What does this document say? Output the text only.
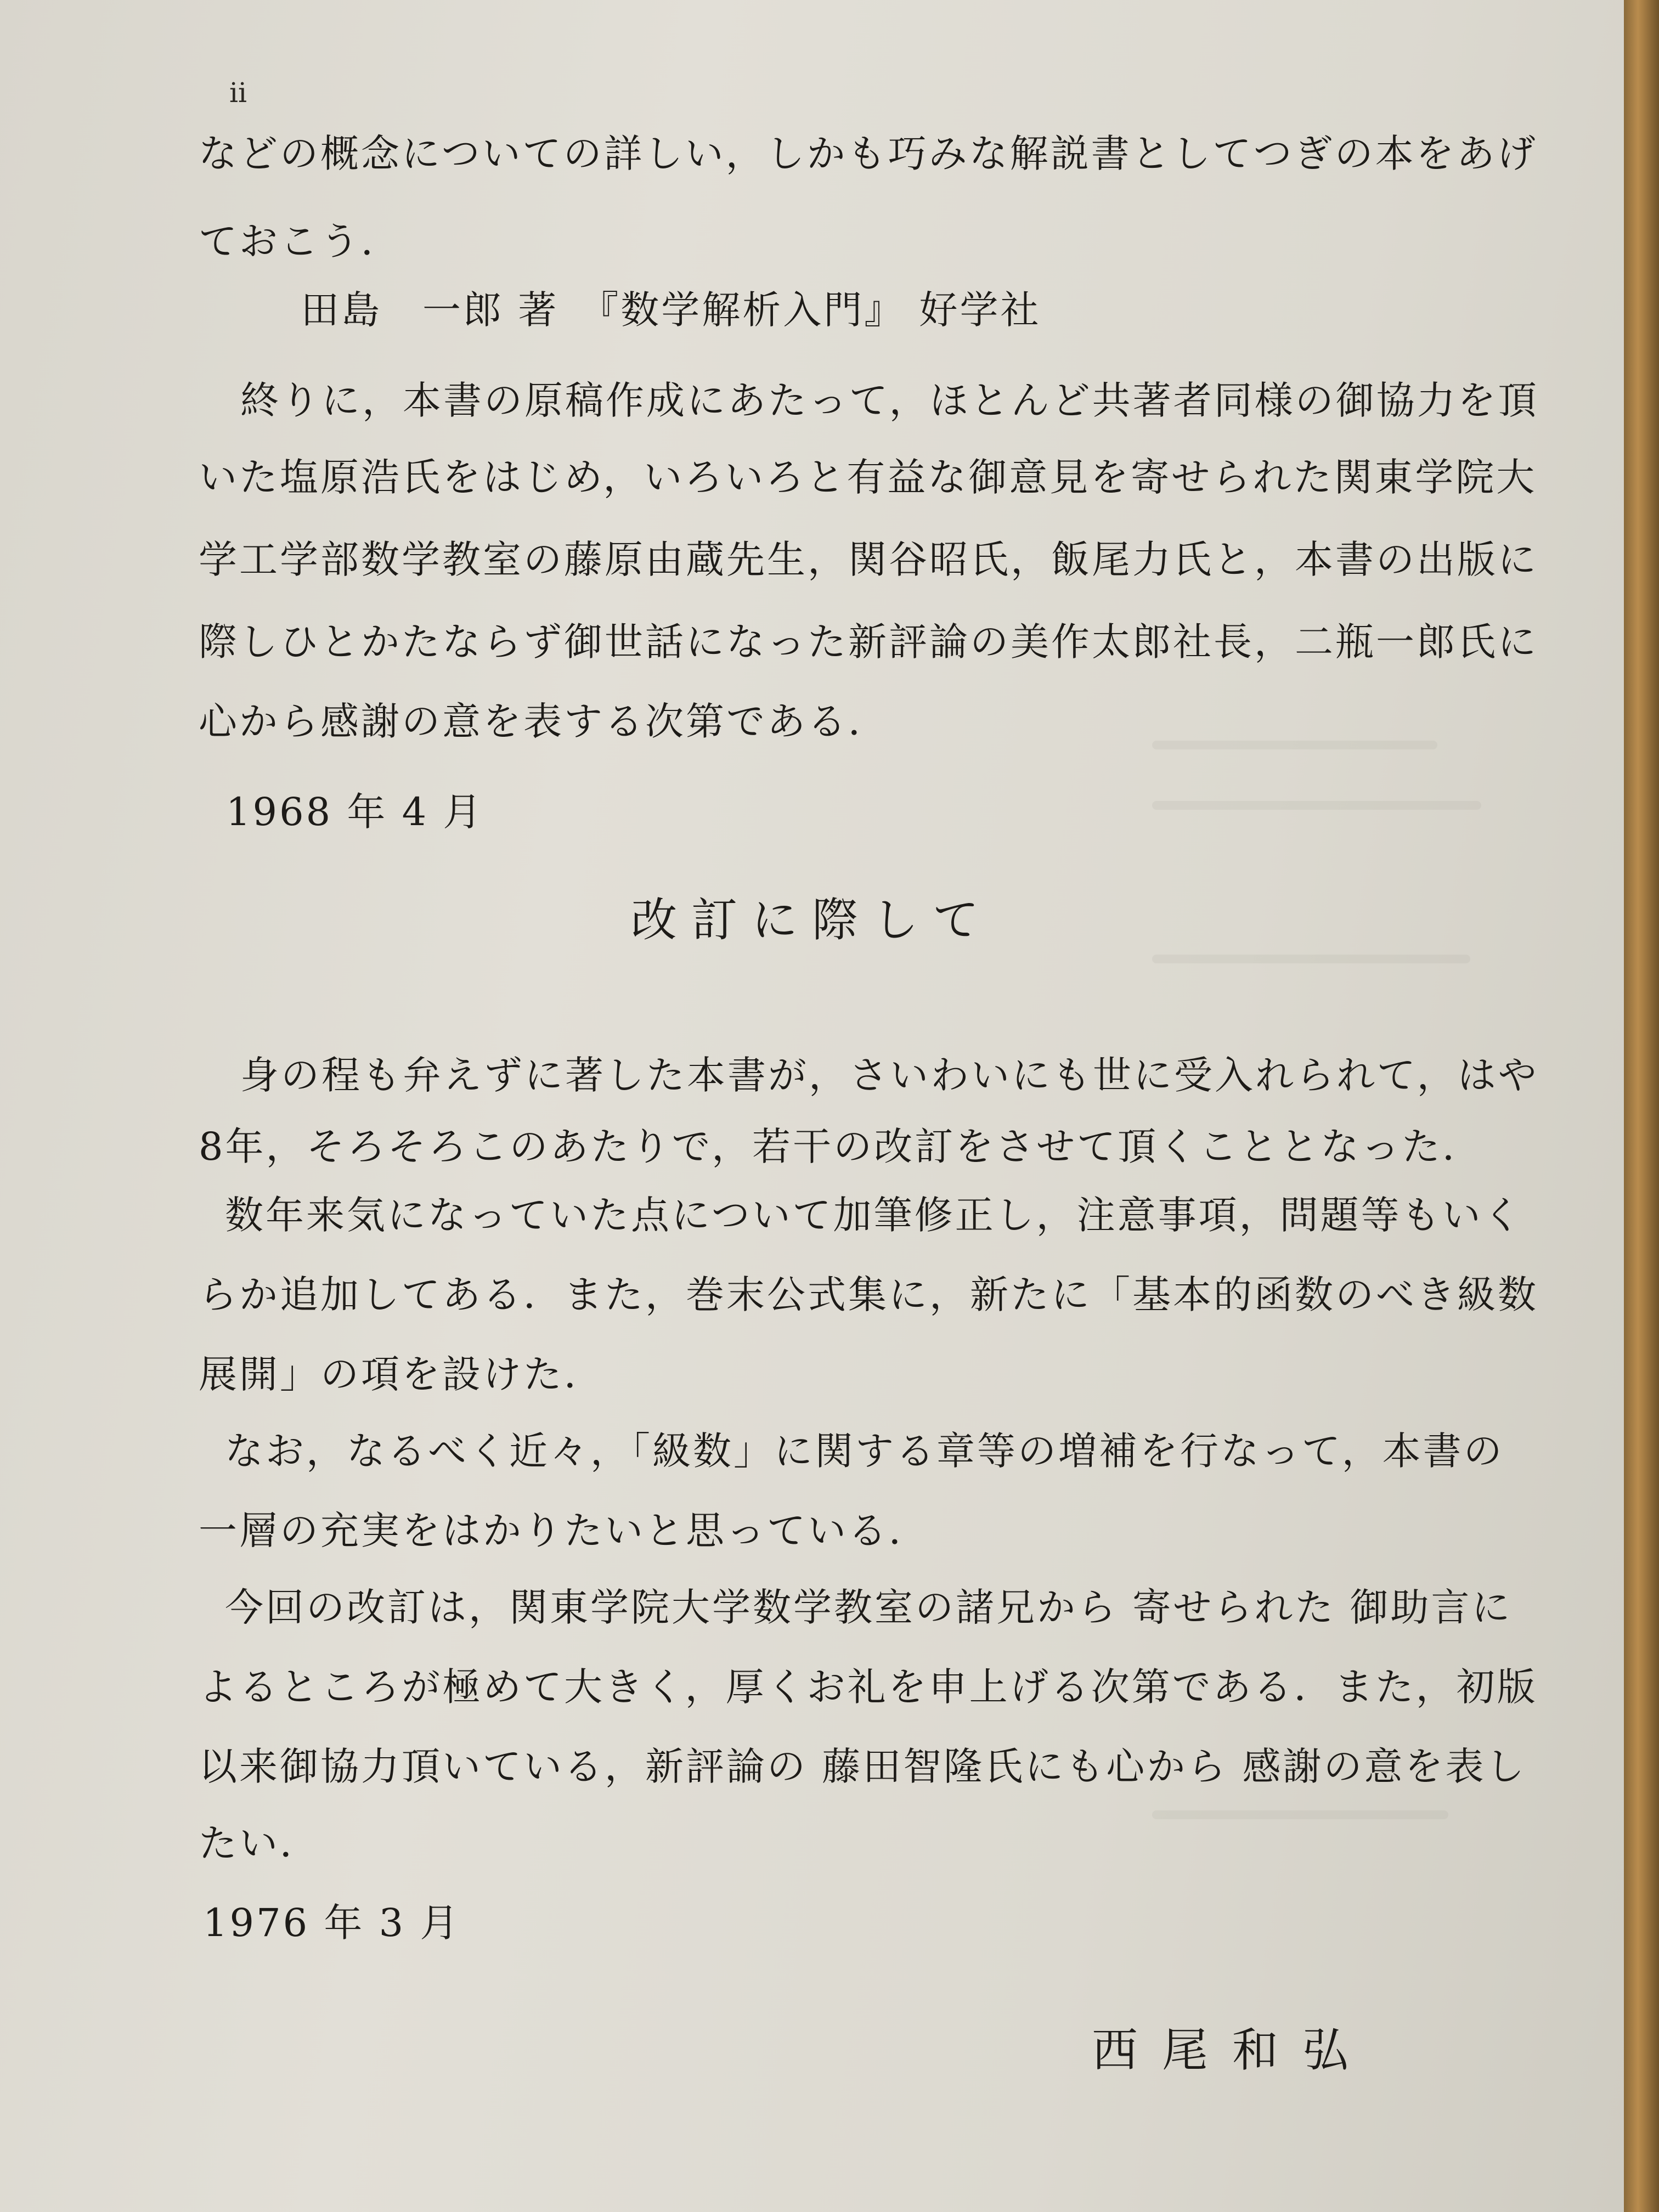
ii
などの概念についての詳しい，しかも巧みな解説書としてつぎの本をあげ
ておこう．
田島　一郎 著　『数学解析入門』 好学社
終りに，本書の原稿作成にあたって，ほとんど共著者同様の御協力を頂
いた塩原浩氏をはじめ，いろいろと有益な御意見を寄せられた関東学院大
学工学部数学教室の藤原由蔵先生，関谷昭氏，飯尾力氏と，本書の出版に
際しひとかたならず御世話になった新評論の美作太郎社長，二瓶一郎氏に
心から感謝の意を表する次第である．
1968 年 4 月
改訂に際して
身の程も弁えずに著した本書が，さいわいにも世に受入れられて，はや
8年，そろそろこのあたりで，若干の改訂をさせて頂くこととなった．
数年来気になっていた点について加筆修正し，注意事項，問題等もいく
らか追加してある．また，巻末公式集に，新たに「基本的函数のべき級数
展開」の項を設けた．
なお，なるべく近々，「級数」に関する章等の増補を行なって，本書の
一層の充実をはかりたいと思っている．
今回の改訂は，関東学院大学数学教室の諸兄から 寄せられた 御助言に
よるところが極めて大きく，厚くお礼を申上げる次第である．また，初版
以来御協力頂いている，新評論の 藤田智隆氏にも心から 感謝の意を表し
たい．
1976 年 3 月
西尾和弘
